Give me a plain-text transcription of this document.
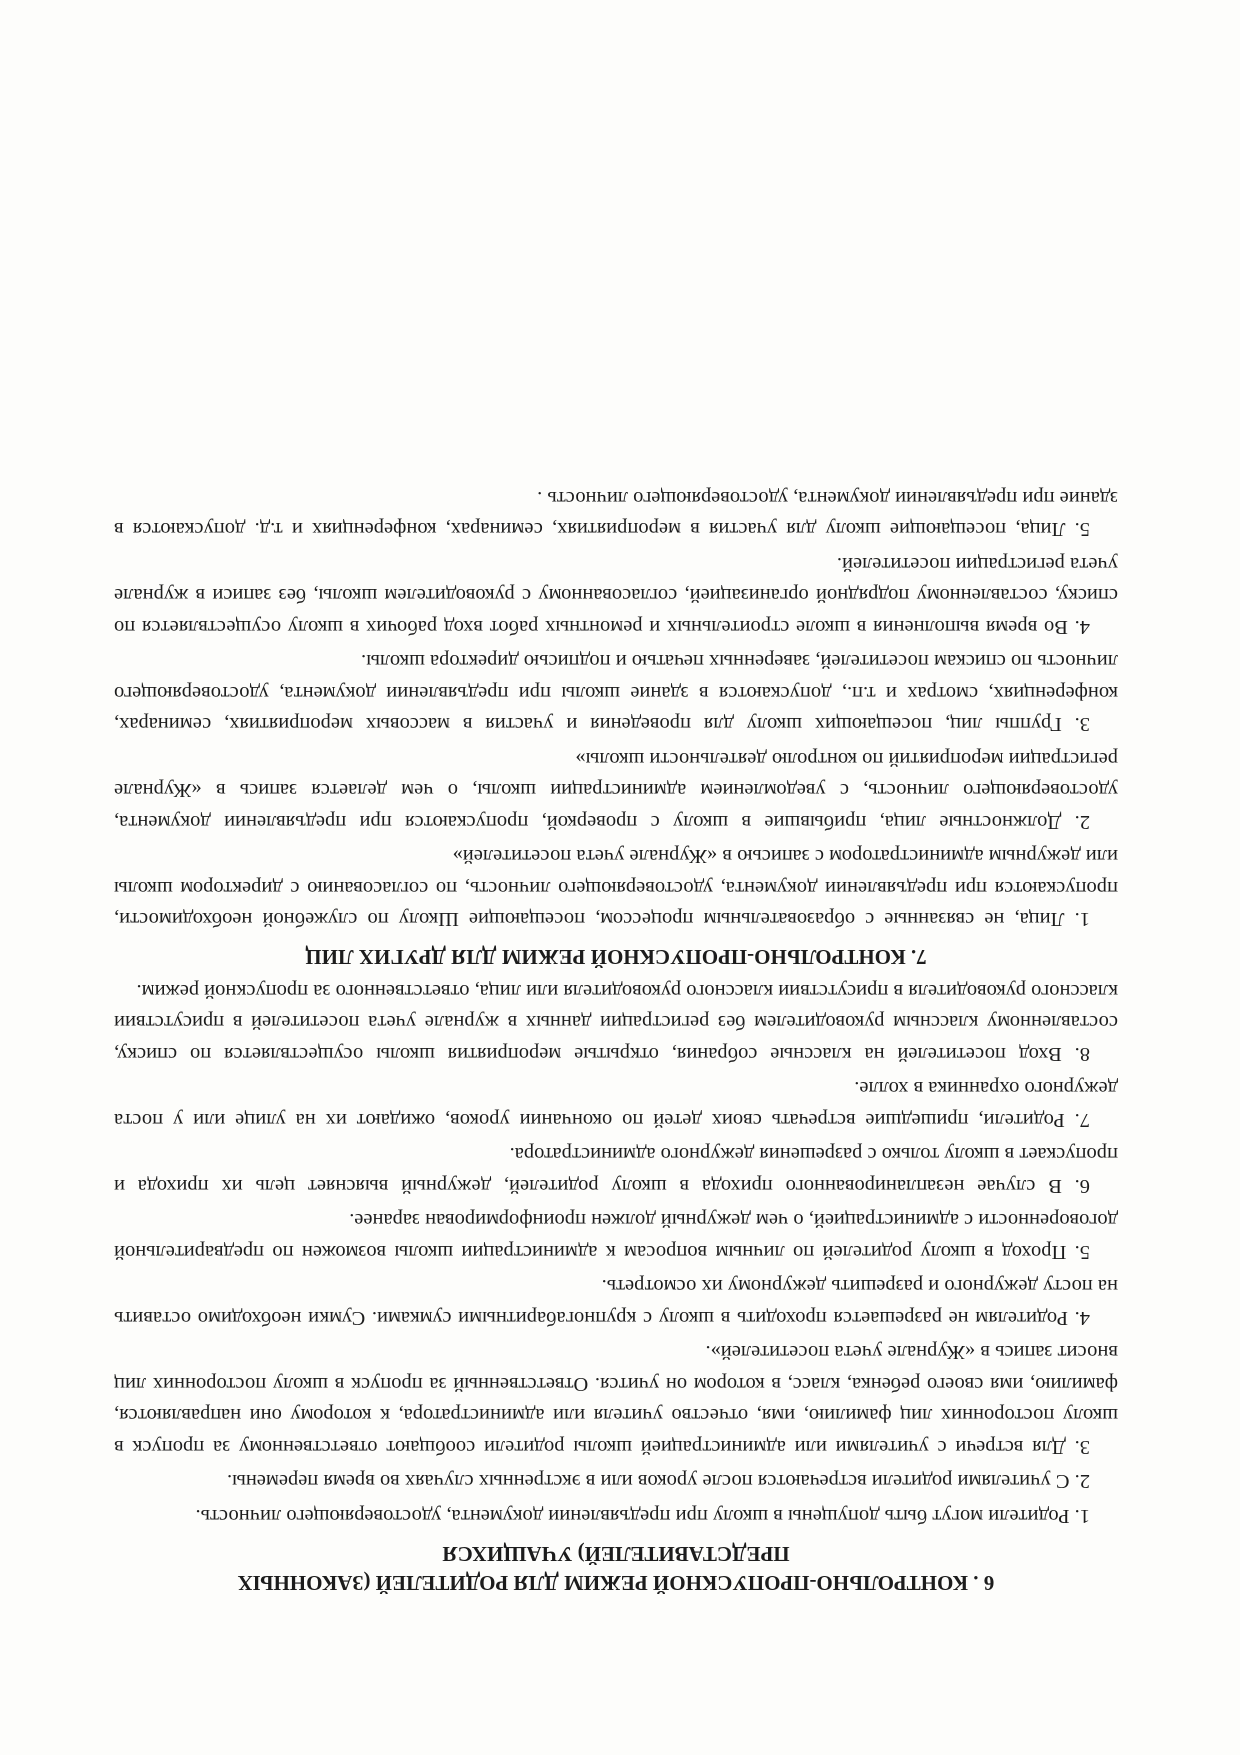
6 . КОНТРОЛЬНО-ПРОПУСКНОЙ РЕЖИМ ДЛЯ РОДИТЕЛЕЙ (ЗАКОННЫХ ПРЕДСТАВИТЕЛЕЙ) УЧАЩИХСЯ

1. Родители могут быть допущены в школу при предъявлении документа, удостоверяющего личность.

2. С учителями родители встречаются после уроков или в экстренных случаях во время перемены.

3. Для встречи с учителями или администрацией школы родители сообщают ответственному за пропуск в школу посторонних лиц фамилию, имя, отчество учителя или администратора, к которому они направляются, фамилию, имя своего ребенка, класс, в котором он учится. Ответственный за пропуск в школу посторонних лиц вносит запись в «Журнале учета посетителей».

4. Родителям не разрешается проходить в школу с крупногабаритными сумками. Сумки необходимо оставить на посту дежурного и разрешить дежурному их осмотреть.

5. Проход в школу родителей по личным вопросам к администрации школы возможен по предварительной договоренности с администрацией, о чем дежурный должен проинформирован заранее.

6. В случае незапланированного прихода в школу родителей, дежурный выясняет цель их прихода и пропускает в школу только с разрешения дежурного администратора.

7. Родители, пришедшие встречать своих детей по окончании уроков, ожидают их на улице или у поста дежурного охранника в холле.

8. Вход посетителей на классные собрания, открытые мероприятия школы осуществляется по списку, составленному классным руководителем без регистрации данных в журнале учета посетителей в присутствии классного руководителя в присутствии классного руководителя или лица, ответственного за пропускной режим.

7. КОНТРОЛЬНО-ПРОПУСКНОЙ РЕЖИМ ДЛЯ ДРУГИХ ЛИЦ

1. Лица, не связанные с образовательным процессом, посещающие Школу по служебной необходимости, пропускаются при предъявлении документа, удостоверяющего личность, по согласованию с директором школы или дежурным администратором с записью в «Журнале учета посетителей»

2. Должностные лица, прибывшие в школу с проверкой, пропускаются при предъявлении документа, удостоверяющего личность, с уведомлением администрации школы, о чем делается запись в «Журнале регистрации мероприятий по контролю деятельности школы»

3. Группы лиц, посещающих школу для проведения и участия в массовых мероприятиях, семинарах, конференциях, смотрах и т.п., допускаются в здание школы при предъявлении документа, удостоверяющего личность по спискам посетителей, заверенных печатью и подписью директора школы.

4. Во время выполнения в школе строительных и ремонтных работ вход рабочих в школу осуществляется по списку, составленному подрядной организацией, согласованному с руководителем школы, без записи в журнале учета регистрации посетителей.

5. Лица, посещающие школу для участия в мероприятиях, семинарах, конференциях и т.д. допускаются в здание при предъявлении документа, удостоверяющего личность .
